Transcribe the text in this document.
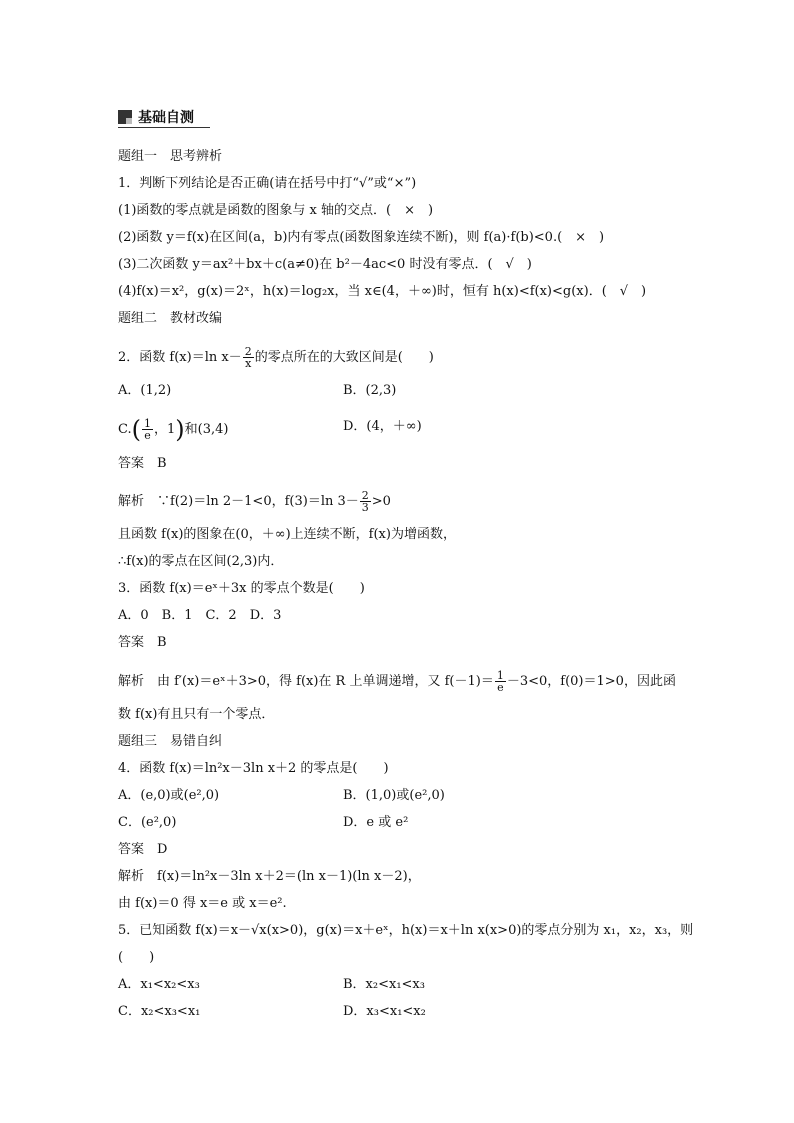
基础自测
题组一　思考辨析
1．判断下列结论是否正确(请在括号中打“√”或“×”)
(1)函数的零点就是函数的图象与 x 轴的交点．(　×　)
(2)函数 y＝f(x)在区间(a，b)内有零点(函数图象连续不断)，则 f(a)·f(b)<0.(　×　)
(3)二次函数 y＝ax²＋bx＋c(a≠0)在 b²－4ac<0 时没有零点．(　√　)
(4)f(x)＝x²，g(x)＝2ˣ，h(x)＝log₂x，当 x∈(4，＋∞)时，恒有 h(x)<f(x)<g(x)．(　√　)
题组二　教材改编
2．函数 f(x)＝ln $x- \frac{2}{x}$ 的零点所在的大致区间是(　　)
A．(1,2)	B．(2,3)
$C.( \frac{1}{e}$ ，1)和(3,4)	D．(4，＋∞)
答案　B
解析　∵f(2)＝ln 2－1<0，f(3)＝ln $3- \frac{2}{3} >0$
且函数 f(x)的图象在(0，＋∞)上连续不断，f(x)为增函数，
∴f(x)的零点在区间(2,3)内．
3．函数 f(x)＝eˣ＋3x 的零点个数是(　　)
A．0　B．1　C．2　D．3
答案　B
解析　由 f′(x)＝eˣ＋3>0，得 f(x)在 R 上单调递增，又 $f(-1)= \frac{1}{e} -3<0$，f(0)＝1>0，因此函
数 f(x)有且只有一个零点．
题组三　易错自纠
4．函数 f(x)＝ln²x－3ln x＋2 的零点是(　　)
A．(e,0)或(e²,0)	B．(1,0)或(e²,0)
C．(e²,0)	D．e 或 e²
答案　D
解析　f(x)＝ln²x－3ln x＋2＝(ln x－1)(ln x－2)，
由 f(x)＝0 得 x＝e 或 x＝e².
5．已知函数 f(x)＝x－√x(x>0)，g(x)＝x＋eˣ，h(x)＝x＋ln x(x>0)的零点分别为 x₁，x₂，x₃，则
(　　)
A．x₁<x₂<x₃	B．x₂<x₁<x₃
C．x₂<x₃<x₁	D．x₃<x₁<x₂
